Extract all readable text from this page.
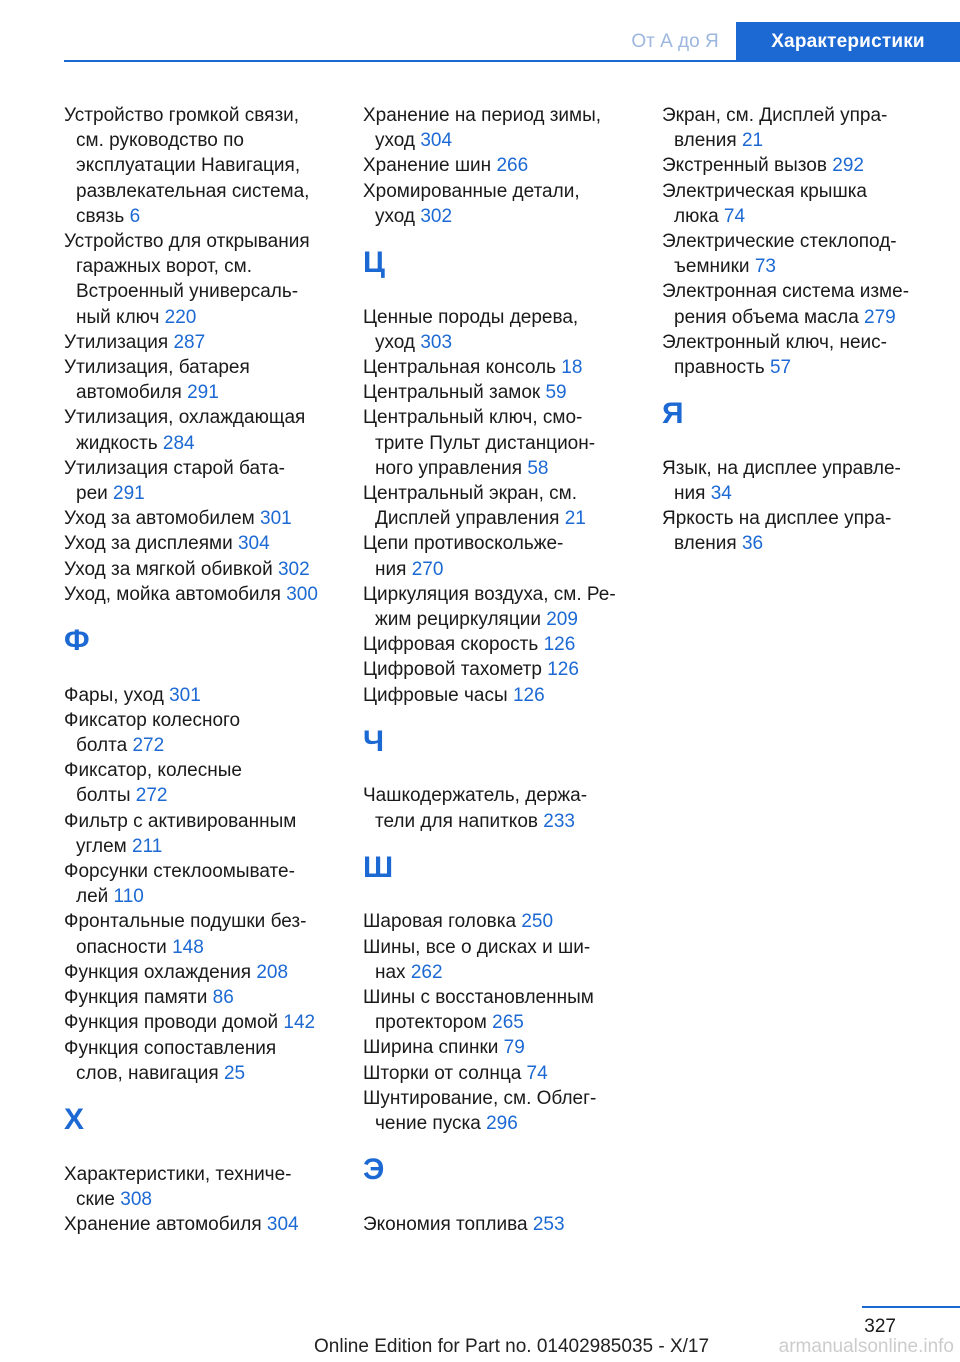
От А до Я	Характеристики
Устройство громкой связи,
см. руководство по
эксплуатации Навигация,
развлекательная система,
связь 6
Устройство для открывания
гаражных ворот, см.
Встроенный универсаль‐
ный ключ 220
Утилизация 287
Утилизация, батарея
автомобиля 291
Утилизация, охлаждающая
жидкость 284
Утилизация старой бата‐
реи 291
Уход за автомобилем 301
Уход за дисплеями 304
Уход за мягкой обивкой 302
Уход, мойка автомобиля 300
Ф
Фары, уход 301
Фиксатор колесного
болта 272
Фиксатор, колесные
болты 272
Фильтр с активированным
углем 211
Форсунки стеклоомывате‐
лей 110
Фронтальные подушки без‐
опасности 148
Функция охлаждения 208
Функция памяти 86
Функция проводи домой 142
Функция сопоставления
слов, навигация 25
Х
Характеристики, техниче‐
ские 308
Хранение автомобиля 304
Хранение на период зимы,
уход 304
Хранение шин 266
Хромированные детали,
уход 302
Ц
Ценные породы дерева,
уход 303
Центральная консоль 18
Центральный замок 59
Центральный ключ, смо‐
трите Пульт дистанцион‐
ного управления 58
Центральный экран, см.
Дисплей управления 21
Цепи противоскольже‐
ния 270
Циркуляция воздуха, см. Ре‐
жим рециркуляции 209
Цифровая скорость 126
Цифровой тахометр 126
Цифровые часы 126
Ч
Чашкодержатель, держа‐
тели для напитков 233
Ш
Шаровая головка 250
Шины, все о дисках и ши‐
нах 262
Шины с восстановленным
протектором 265
Ширина спинки 79
Шторки от солнца 74
Шунтирование, см. Облег‐
чение пуска 296
Э
Экономия топлива 253
Экран, см. Дисплей упра‐
вления 21
Экстренный вызов 292
Электрическая крышка
люка 74
Электрические стеклопод‐
ъемники 73
Электронная система изме‐
рения объема масла 279
Электронный ключ, неис‐
правность 57
Я
Язык, на дисплее управле‐
ния 34
Яркость на дисплее упра‐
вления 36
327
Online Edition for Part no. 01402985035 - X/17	armanualsonline.info
